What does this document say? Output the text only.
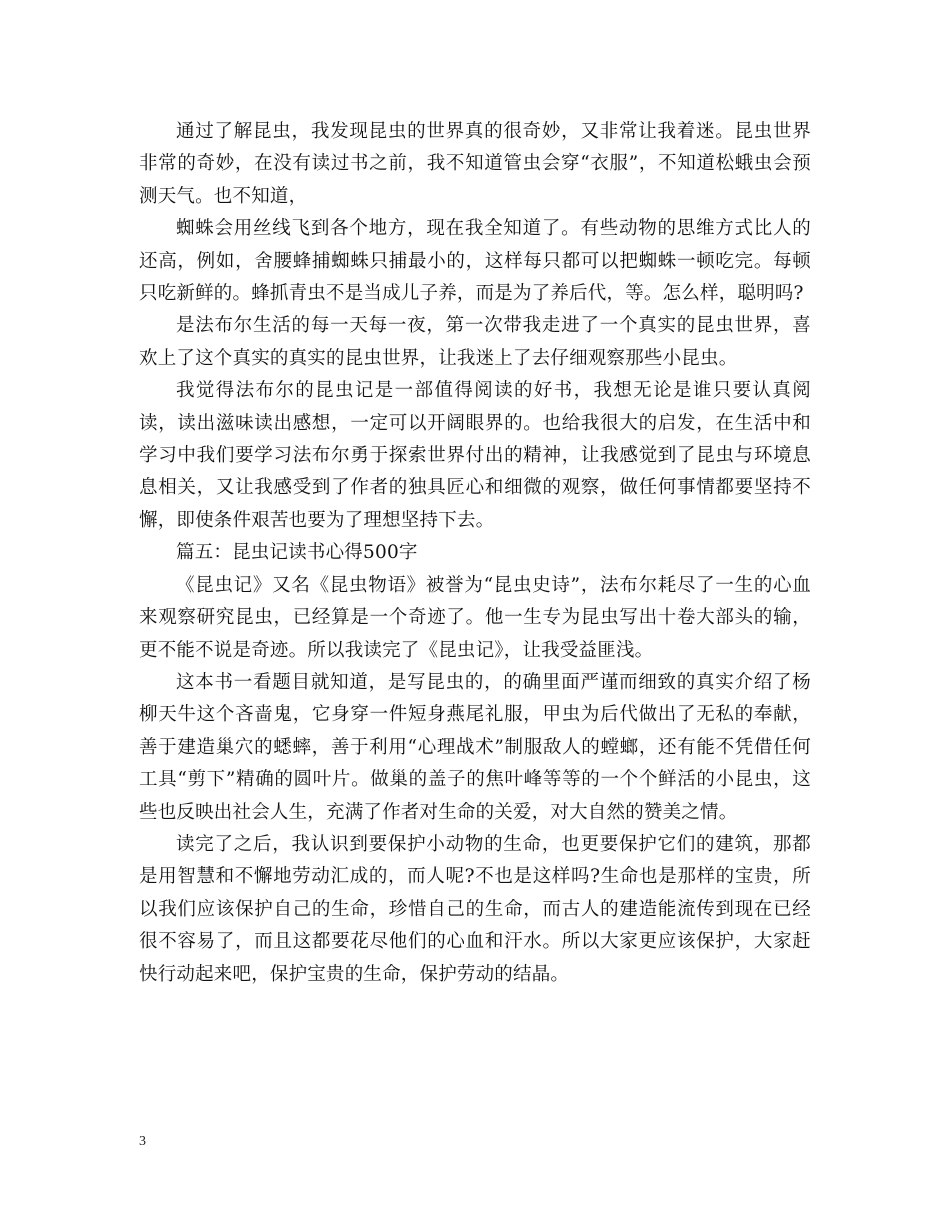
通过了解昆虫，我发现昆虫的世界真的很奇妙，又非常让我着迷。昆虫世界非常的奇妙，在没有读过书之前，我不知道管虫会穿“衣服”，不知道松蛾虫会预测天气。也不知道，

蜘蛛会用丝线飞到各个地方，现在我全知道了。有些动物的思维方式比人的还高，例如，舍腰蜂捕蜘蛛只捕最小的，这样每只都可以把蜘蛛一顿吃完。每顿只吃新鲜的。蜂抓青虫不是当成儿子养，而是为了养后代，等。怎么样，聪明吗?

是法布尔生活的每一天每一夜，第一次带我走进了一个真实的昆虫世界，喜欢上了这个真实的真实的昆虫世界，让我迷上了去仔细观察那些小昆虫。

我觉得法布尔的昆虫记是一部值得阅读的好书，我想无论是谁只要认真阅读，读出滋味读出感想，一定可以开阔眼界的。也给我很大的启发，在生活中和学习中我们要学习法布尔勇于探索世界付出的精神，让我感觉到了昆虫与环境息息相关，又让我感受到了作者的独具匠心和细微的观察，做任何事情都要坚持不懈，即使条件艰苦也要为了理想坚持下去。

篇五：昆虫记读书心得500字

《昆虫记》又名《昆虫物语》被誉为“昆虫史诗”，法布尔耗尽了一生的心血来观察研究昆虫，已经算是一个奇迹了。他一生专为昆虫写出十卷大部头的输，更不能不说是奇迹。所以我读完了《昆虫记》，让我受益匪浅。

这本书一看题目就知道，是写昆虫的，的确里面严谨而细致的真实介绍了杨柳天牛这个吝啬鬼，它身穿一件短身燕尾礼服，甲虫为后代做出了无私的奉献，善于建造巢穴的蟋蟀，善于利用“心理战术”制服敌人的螳螂，还有能不凭借任何工具“剪下”精确的圆叶片。做巢的盖子的焦叶峰等等的一个个鲜活的小昆虫，这些也反映出社会人生，充满了作者对生命的关爱，对大自然的赞美之情。

读完了之后，我认识到要保护小动物的生命，也更要保护它们的建筑，那都是用智慧和不懈地劳动汇成的，而人呢?不也是这样吗?生命也是那样的宝贵，所以我们应该保护自己的生命，珍惜自己的生命，而古人的建造能流传到现在已经很不容易了，而且这都要花尽他们的心血和汗水。所以大家更应该保护，大家赶快行动起来吧，保护宝贵的生命，保护劳动的结晶。

3
